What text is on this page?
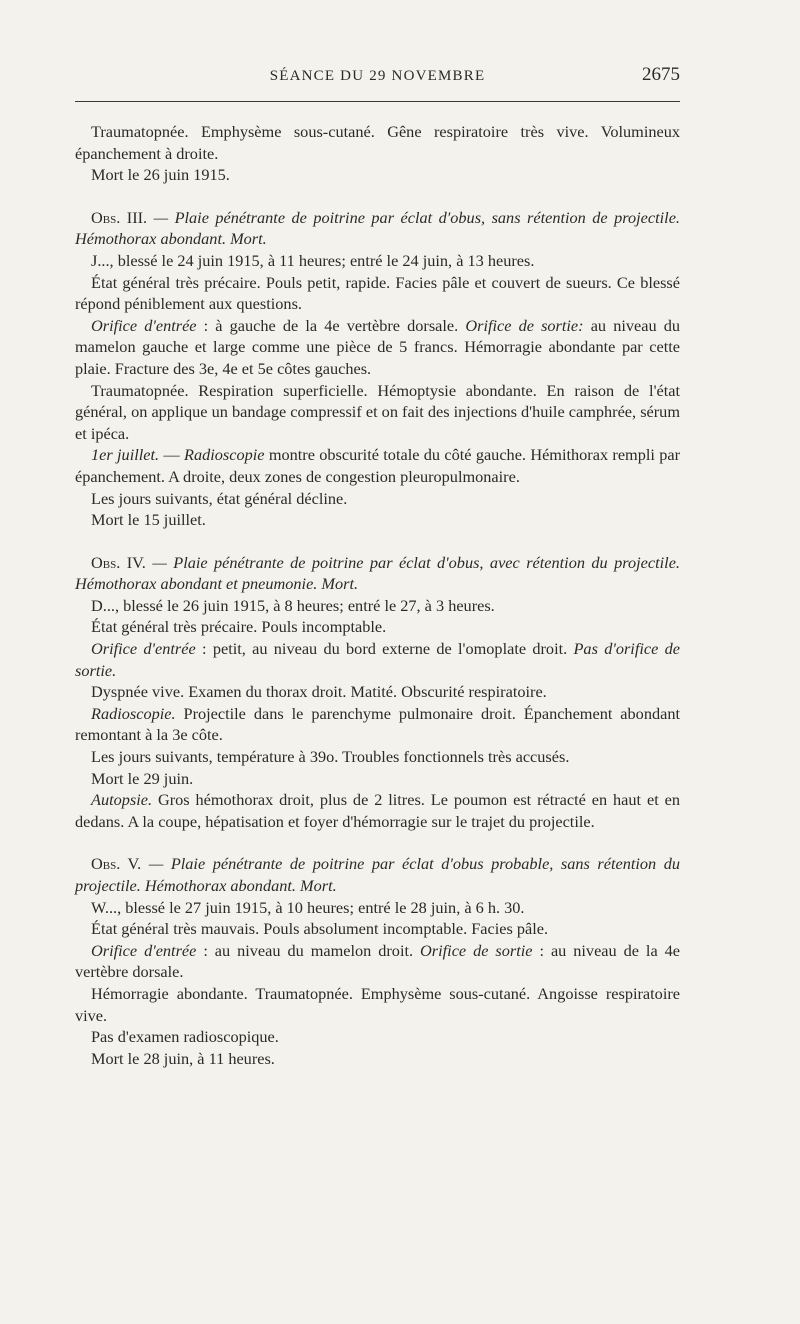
SÉANCE DU 29 NOVEMBRE	2675

Traumatopnée. Emphysème sous-cutané. Gêne respiratoire très vive. Volumineux épanchement à droite.

Mort le 26 juin 1915.

Obs. III. — Plaie pénétrante de poitrine par éclat d'obus, sans rétention de projectile. Hémothorax abondant. Mort.

J..., blessé le 24 juin 1915, à 11 heures; entré le 24 juin, à 13 heures.

État général très précaire. Pouls petit, rapide. Facies pâle et couvert de sueurs. Ce blessé répond péniblement aux questions.

Orifice d'entrée : à gauche de la 4e vertèbre dorsale. Orifice de sortie: au niveau du mamelon gauche et large comme une pièce de 5 francs. Hémorragie abondante par cette plaie. Fracture des 3e, 4e et 5e côtes gauches.

Traumatopnée. Respiration superficielle. Hémoptysie abondante. En raison de l'état général, on applique un bandage compressif et on fait des injections d'huile camphrée, sérum et ipéca.

1er juillet. — Radioscopie montre obscurité totale du côté gauche. Hémithorax rempli par épanchement. A droite, deux zones de congestion pleuropulmonaire.

Les jours suivants, état général décline.

Mort le 15 juillet.

Obs. IV. — Plaie pénétrante de poitrine par éclat d'obus, avec rétention du projectile. Hémothorax abondant et pneumonie. Mort.

D..., blessé le 26 juin 1915, à 8 heures; entré le 27, à 3 heures.

État général très précaire. Pouls incomptable.

Orifice d'entrée : petit, au niveau du bord externe de l'omoplate droit. Pas d'orifice de sortie.

Dyspnée vive. Examen du thorax droit. Matité. Obscurité respiratoire.

Radioscopie. Projectile dans le parenchyme pulmonaire droit. Épanchement abondant remontant à la 3e côte.

Les jours suivants, température à 39o. Troubles fonctionnels très accusés.

Mort le 29 juin.

Autopsie. Gros hémothorax droit, plus de 2 litres. Le poumon est rétracté en haut et en dedans. A la coupe, hépatisation et foyer d'hémorragie sur le trajet du projectile.

Obs. V. — Plaie pénétrante de poitrine par éclat d'obus probable, sans rétention du projectile. Hémothorax abondant. Mort.

W..., blessé le 27 juin 1915, à 10 heures; entré le 28 juin, à 6 h. 30.

État général très mauvais. Pouls absolument incomptable. Facies pâle.

Orifice d'entrée : au niveau du mamelon droit. Orifice de sortie : au niveau de la 4e vertèbre dorsale.

Hémorragie abondante. Traumatopnée. Emphysème sous-cutané. Angoisse respiratoire vive.

Pas d'examen radioscopique.

Mort le 28 juin, à 11 heures.
